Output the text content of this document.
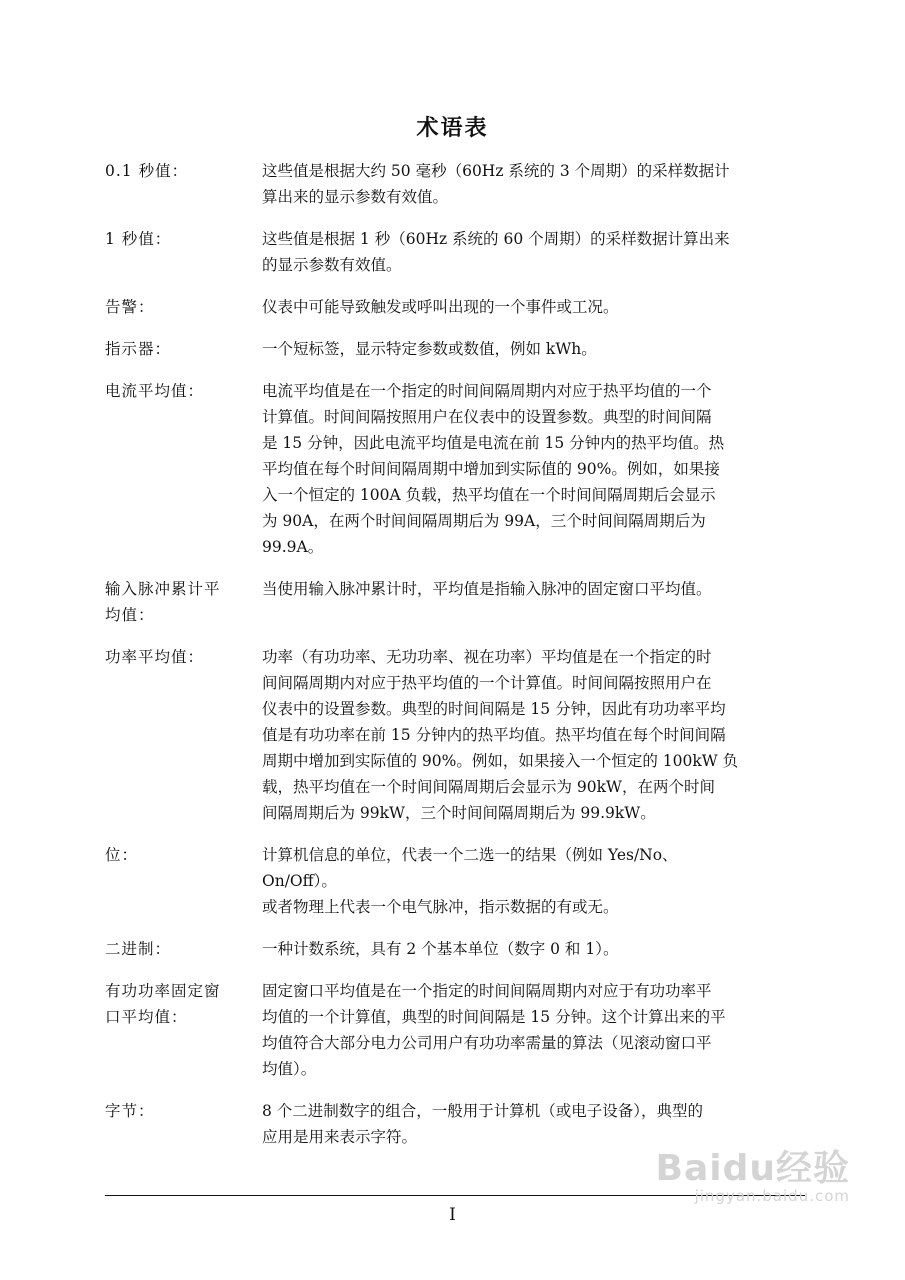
术语表
0.1 秒值：	这些值是根据大约 50 毫秒（60Hz 系统的 3 个周期）的采样数据计
算出来的显示参数有效值。
1 秒值：	这些值是根据 1 秒（60Hz 系统的 60 个周期）的采样数据计算出来
的显示参数有效值。
告警：	仪表中可能导致触发或呼叫出现的一个事件或工况。
指示器：	一个短标签，显示特定参数或数值，例如 kWh。
电流平均值：	电流平均值是在一个指定的时间间隔周期内对应于热平均值的一个
计算值。时间间隔按照用户在仪表中的设置参数。典型的时间间隔
是 15 分钟，因此电流平均值是电流在前 15 分钟内的热平均值。热
平均值在每个时间间隔周期中增加到实际值的 90%。例如，如果接
入一个恒定的 100A 负载，热平均值在一个时间间隔周期后会显示
为 90A，在两个时间间隔周期后为 99A，三个时间间隔周期后为
99.9A。
输入脉冲累计平
均值：
当使用输入脉冲累计时，平均值是指输入脉冲的固定窗口平均值。
功率平均值：	功率（有功功率、无功功率、视在功率）平均值是在一个指定的时
间间隔周期内对应于热平均值的一个计算值。时间间隔按照用户在
仪表中的设置参数。典型的时间间隔是 15 分钟，因此有功功率平均
值是有功功率在前 15 分钟内的热平均值。热平均值在每个时间间隔
周期中增加到实际值的 90%。例如，如果接入一个恒定的 100kW 负
载，热平均值在一个时间间隔周期后会显示为 90kW，在两个时间
间隔周期后为 99kW，三个时间间隔周期后为 99.9kW。
位：	计算机信息的单位，代表一个二选一的结果（例如 Yes/No、
On/Off）。
或者物理上代表一个电气脉冲，指示数据的有或无。
二进制：	一种计数系统，具有 2 个基本单位（数字 0 和 1）。
有功功率固定窗
口平均值：
固定窗口平均值是在一个指定的时间间隔周期内对应于有功功率平
均值的一个计算值，典型的时间间隔是 15 分钟。这个计算出来的平
均值符合大部分电力公司用户有功功率需量的算法（见滚动窗口平
均值）。
字节：	8 个二进制数字的组合，一般用于计算机（或电子设备），典型的
应用是用来表示字符。
I
Baidu经验
jingyan.baidu.com
